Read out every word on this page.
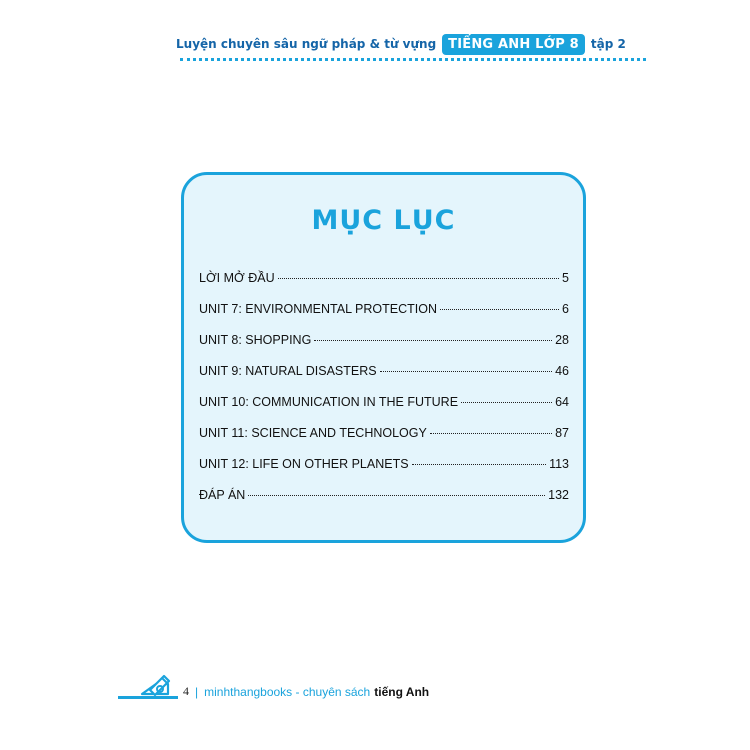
Luyện chuyên sâu ngữ pháp & từ vựng TIẾNG ANH LỚP 8	tập 2
MỤC LỤC
LỜI MỞ ĐẦU	5
UNIT 7: ENVIRONMENTAL PROTECTION	6
UNIT 8: SHOPPING	28
UNIT 9: NATURAL DISASTERS	46
UNIT 10: COMMUNICATION IN THE FUTURE	64
UNIT 11: SCIENCE AND TECHNOLOGY	87
UNIT 12: LIFE ON OTHER PLANETS	113
ĐÁP ÁN	132
4 | minhthangbooks - chuyên sách tiếng Anh
